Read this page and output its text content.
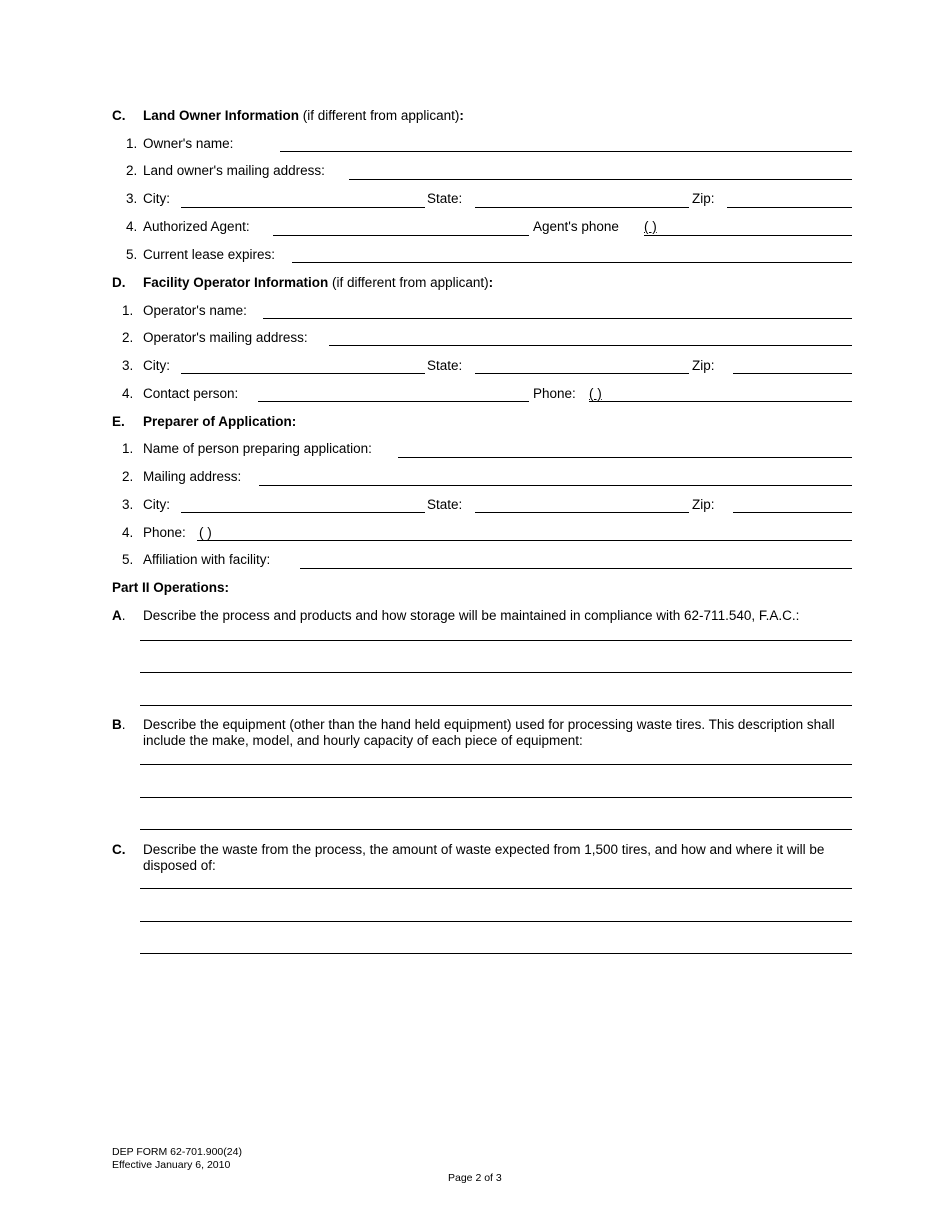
C. Land Owner Information (if different from applicant):
1. Owner's name:
2. Land owner's mailing address:
3. City:	State:	Zip:
4. Authorized Agent:	Agent's phone ( )
5. Current lease expires:
D. Facility Operator Information (if different from applicant):
1. Operator's name:
2. Operator's mailing address:
3. City:	State:	Zip:
4. Contact person:	Phone: ( )
E. Preparer of Application:
1. Name of person preparing application:
2. Mailing address:
3. City:	State:	Zip:
4. Phone: ( )
5. Affiliation with facility:
Part II Operations:
A. Describe the process and products and how storage will be maintained in compliance with 62-711.540, F.A.C.:
B. Describe the equipment (other than the hand held equipment) used for processing waste tires. This description shall include the make, model, and hourly capacity of each piece of equipment:
C. Describe the waste from the process, the amount of waste expected from 1,500 tires, and how and where it will be disposed of:
DEP FORM 62-701.900(24)
Effective January 6, 2010
Page 2 of 3
